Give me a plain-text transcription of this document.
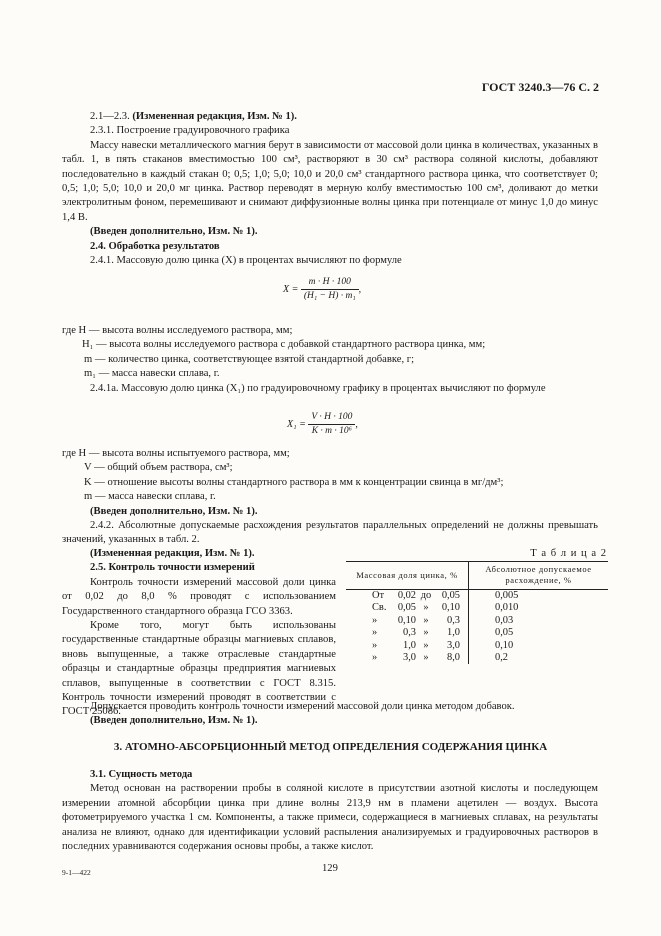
ГОСТ 3240.3—76 С. 2

2.1—2.3. (Измененная редакция, Изм. № 1).

2.3.1. Построение градуировочного графика

Массу навески металлического магния берут в зависимости от массовой доли цинка в количествах, указанных в табл. 1, в пять стаканов вместимостью 100 см³, растворяют в 30 см³ раствора соляной кислоты, добавляют последовательно в каждый стакан 0; 0,5; 1,0; 5,0; 10,0 и 20,0 см³ стандартного раствора цинка, что соответствует 0; 0,5; 1,0; 5,0; 10,0 и 20,0 мг цинка. Раствор переводят в мерную колбу вместимостью 100 см³, доливают до метки электролитным фоном, перемешивают и снимают диффузионные волны цинка при потенциале от минус 1,0 до минус 1,4 В.

(Введен дополнительно, Изм. № 1).

2.4. Обработка результатов

2.4.1. Массовую долю цинка (X) в процентах вычисляют по формуле

$X = \frac{m \cdot H \cdot 100}{\text{(H₁ − H) · m₁}}$ ,

где H — высота волны исследуемого раствора, мм;

H₁ — высота волны исследуемого раствора с добавкой стандартного раствора цинка, мм;

m — количество цинка, соответствующее взятой стандартной добавке, г;

m₁ — масса навески сплава, г.

2.4.1а. Массовую долю цинка (X₁) по градуировочному графику в процентах вычисляют по формуле

$X_1 = \frac{V \cdot H \cdot 100}{\text{K · m · 10⁶}}$ ,

где H — высота волны испытуемого раствора, мм;

V — общий объем раствора, см³;

K — отношение высоты волны стандартного раствора в мм к концентрации свинца в мг/дм³;

m — масса навески сплава, г.

(Введен дополнительно, Изм. № 1).

2.4.2. Абсолютные допускаемые расхождения результатов параллельных определений не должны превышать значений, указанных в табл. 2.

(Измененная редакция, Изм. № 1).

2.5. Контроль точности измерений

Контроль точности измерений массовой доли цинка от 0,02 до 8,0 % проводят с использованием Государственного стандартного образца ГСО 3363.

Кроме того, могут быть использованы государственные стандартные образцы магниевых сплавов, вновь выпущенные, а также отраслевые стандартные образцы и стандартные образцы предприятия магниевых сплавов, выпущенные в соответствии с ГОСТ 8.315. Контроль точности измерений проводят в соответствии с ГОСТ 25086.

Т а б л и ц а 2
Массовая доля цинка, %	Абсолютное допускаемое расхождение, %
От 0,02 до 0,05	0,005
Св. 0,05 » 0,10	0,010
» 0,10 » 0,3	0,03
» 0,3 » 1,0	0,05
» 1,0 » 3,0	0,10
» 3,0 » 8,0	0,2

Допускается проводить контроль точности измерений массовой доли цинка методом добавок.

(Введен дополнительно, Изм. № 1).

3. АТОМНО-АБСОРБЦИОННЫЙ МЕТОД ОПРЕДЕЛЕНИЯ СОДЕРЖАНИЯ ЦИНКА

3.1. Сущность метода

Метод основан на растворении пробы в соляной кислоте в присутствии азотной кислоты и последующем измерении атомной абсорбции цинка при длине волны 213,9 нм в пламени ацетилен — воздух. Высота фотометрируемого участка 1 см. Компоненты, а также примеси, содержащиеся в магниевых сплавах, на результаты анализа не влияют, однако для идентификации условий распыления анализируемых и градуировочных растворов в последних уравниваются содержания основы пробы, а также кислот.

9-1—422	129
